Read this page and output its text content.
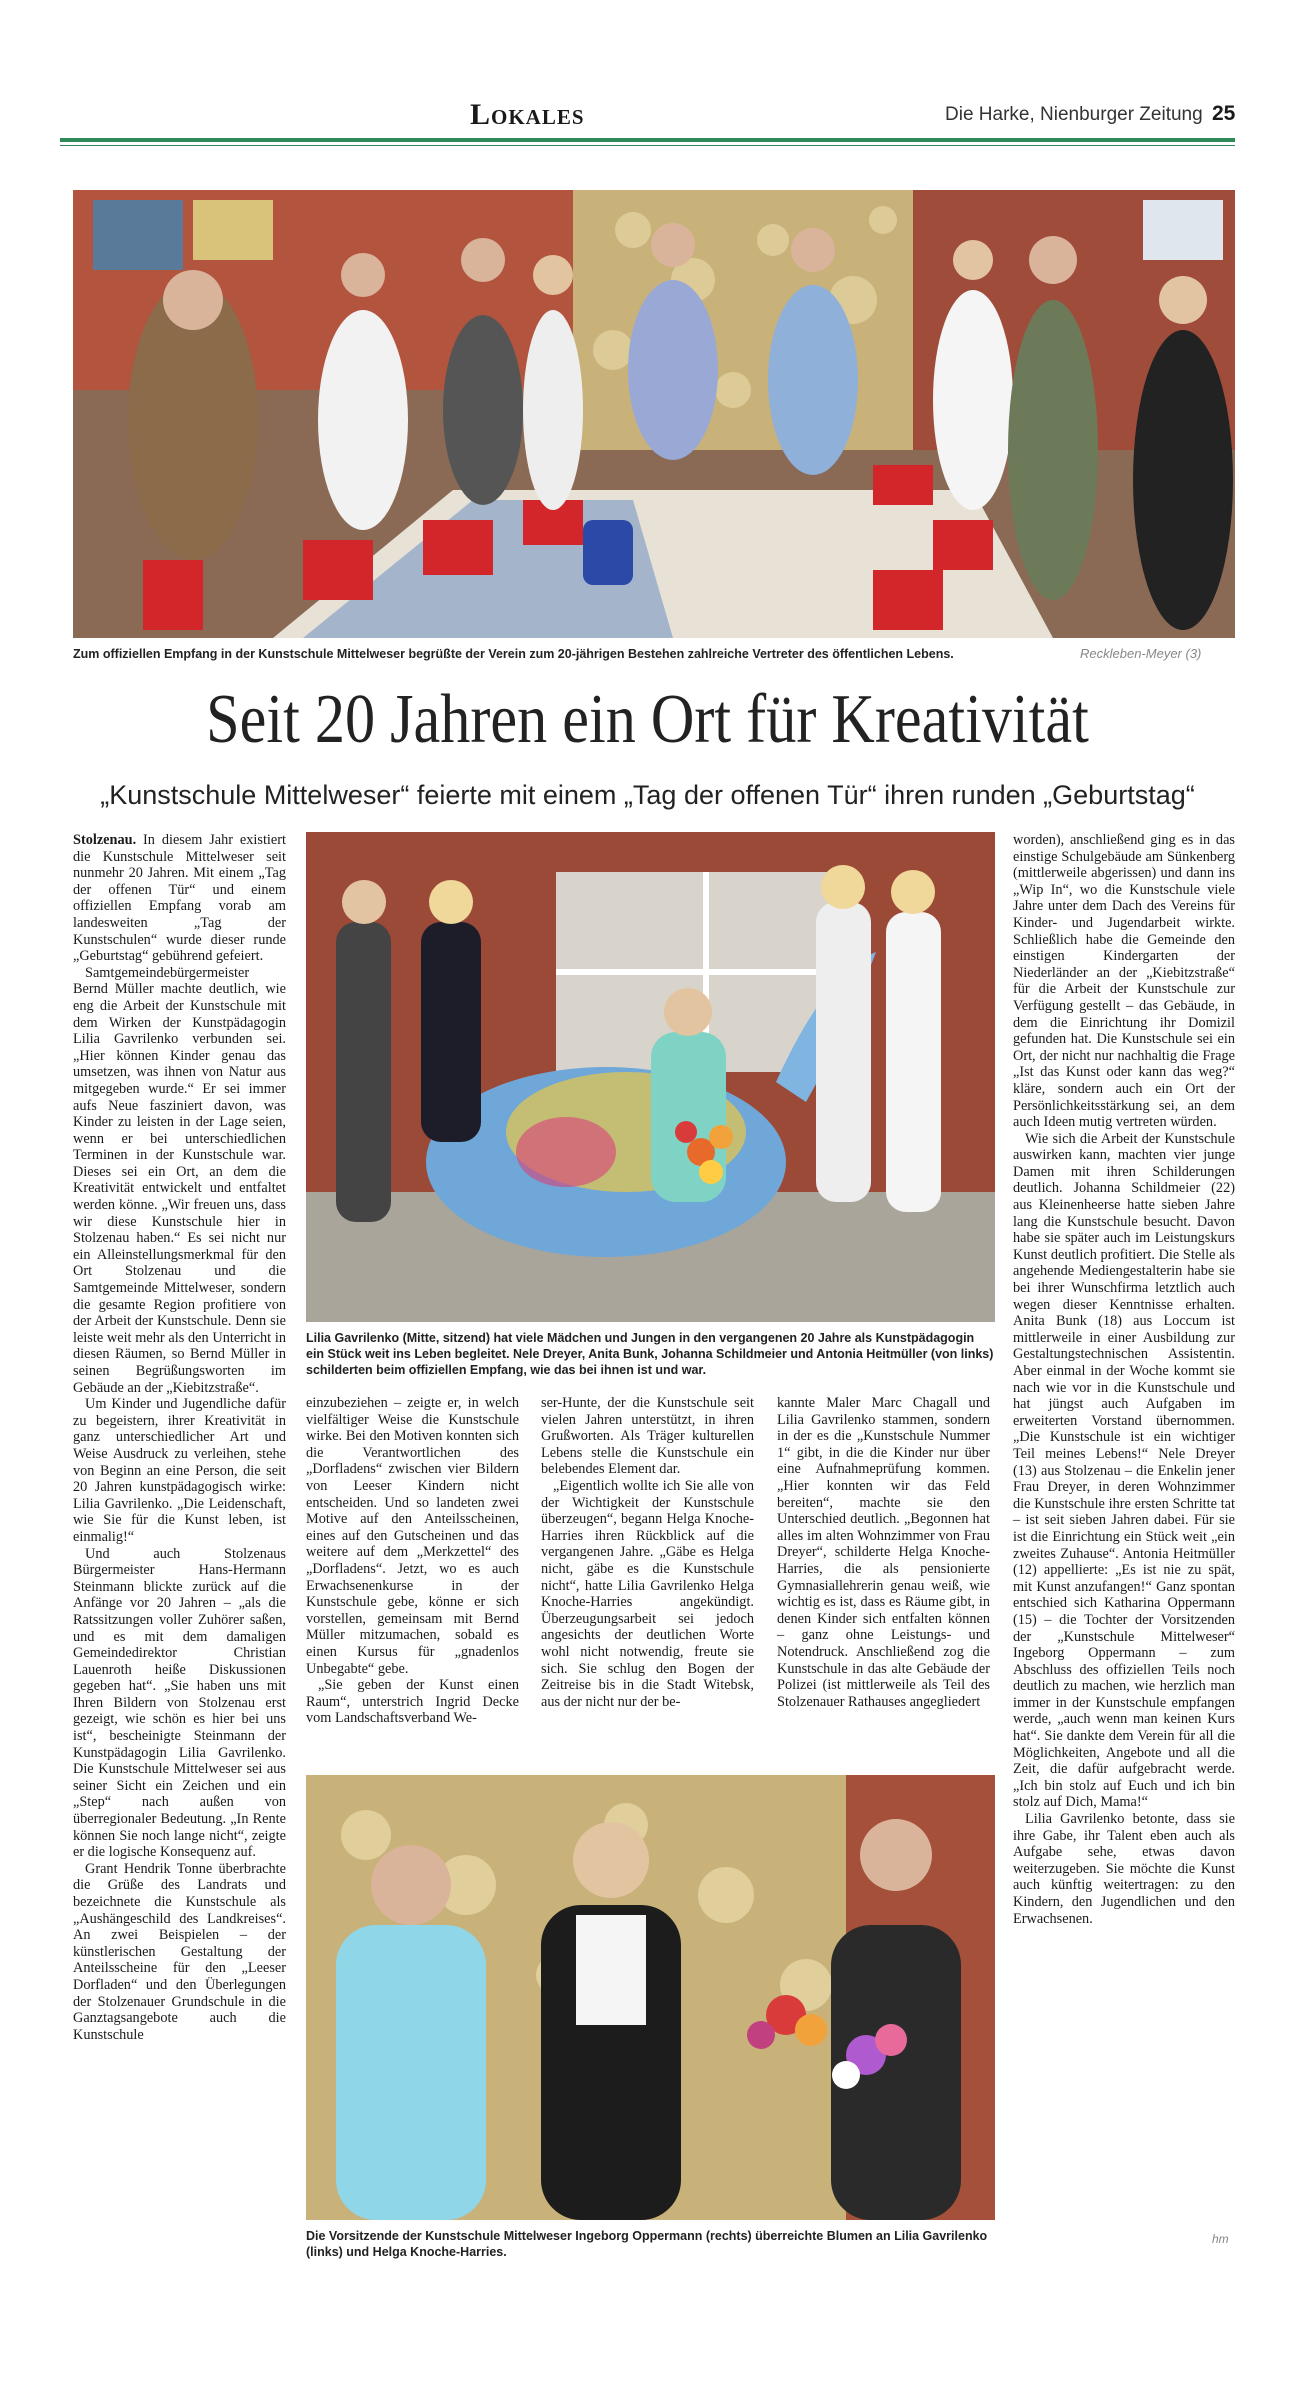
Lokales	Die Harke, Nienburger Zeitung 25
Zum offiziellen Empfang in der Kunstschule Mittelweser begrüßte der Verein zum 20-jährigen Bestehen zahlreiche Vertreter des öffentlichen Lebens.	Reckleben-Meyer (3)
Seit 20 Jahren ein Ort für Kreativität
„Kunstschule Mittelweser“ feierte mit einem „Tag der offenen Tür“ ihren runden „Geburtstag“

Stolzenau. In diesem Jahr existiert die Kunstschule Mittelweser seit nunmehr 20 Jahren. Mit einem „Tag der offenen Tür“ und einem offiziellen Empfang vorab am landesweiten „Tag der Kunstschulen“ wurde dieser runde „Geburtstag“ gebührend gefeiert.

Samtgemeindebürgermeister Bernd Müller machte deutlich, wie eng die Arbeit der Kunstschule mit dem Wirken der Kunstpädagogin Lilia Gavrilenko verbunden sei. „Hier können Kinder genau das umsetzen, was ihnen von Natur aus mitgegeben wurde.“ Er sei immer aufs Neue fasziniert davon, was Kinder zu leisten in der Lage seien, wenn er bei unterschiedlichen Terminen in der Kunstschule war. Dieses sei ein Ort, an dem die Kreativität entwickelt und entfaltet werden könne. „Wir freuen uns, dass wir diese Kunstschule hier in Stolzenau haben.“ Es sei nicht nur ein Alleinstellungsmerkmal für den Ort Stolzenau und die Samtgemeinde Mittelweser, sondern die gesamte Region profitiere von der Arbeit der Kunstschule. Denn sie leiste weit mehr als den Unterricht in diesen Räumen, so Bernd Müller in seinen Begrüßungsworten im Gebäude an der „Kiebitzstraße“.

Um Kinder und Jugendliche dafür zu begeistern, ihrer Kreativität in ganz unterschiedlicher Art und Weise Ausdruck zu verleihen, stehe von Beginn an eine Person, die seit 20 Jahren kunstpädagogisch wirke: Lilia Gavrilenko. „Die Leidenschaft, wie Sie für die Kunst leben, ist einmalig!“

Und auch Stolzenaus Bürgermeister Hans-Hermann Steinmann blickte zurück auf die Anfänge vor 20 Jahren – „als die Ratssitzungen voller Zuhörer saßen, und es mit dem damaligen Gemeindedirektor Christian Lauenroth heiße Diskussionen gegeben hat“. „Sie haben uns mit Ihren Bildern von Stolzenau erst gezeigt, wie schön es hier bei uns ist“, bescheinigte Steinmann der Kunstpädagogin Lilia Gavrilenko. Die Kunstschule Mittelweser sei aus seiner Sicht ein Zeichen und ein „Step“ nach außen von überregionaler Bedeutung. „In Rente können Sie noch lange nicht“, zeigte er die logische Konsequenz auf.

Grant Hendrik Tonne überbrachte die Grüße des Landrats und bezeichnete die Kunstschule als „Aushängeschild des Landkreises“. An zwei Beispielen – der künstlerischen Gestaltung der Anteilsscheine für den „Leeser Dorfladen“ und den Überlegungen der Stolzenauer Grundschule in die Ganztagsangebote auch die Kunstschule

Lilia Gavrilenko (Mitte, sitzend) hat viele Mädchen und Jungen in den vergangenen 20 Jahre als Kunstpädagogin ein Stück weit ins Leben begleitet. Nele Dreyer, Anita Bunk, Johanna Schildmeier und Antonia Heitmüller (von links) schilderten beim offiziellen Empfang, wie das bei ihnen ist und war.

einzubeziehen – zeigte er, in welch vielfältiger Weise die Kunstschule wirke. Bei den Motiven konnten sich die Verantwortlichen des „Dorfladens“ zwischen vier Bildern von Leeser Kindern nicht entscheiden. Und so landeten zwei Motive auf den Anteilsscheinen, eines auf den Gutscheinen und das weitere auf dem „Merkzettel“ des „Dorfladens“. Jetzt, wo es auch Erwachsenenkurse in der Kunstschule gebe, könne er sich vorstellen, gemeinsam mit Bernd Müller mitzumachen, sobald es einen Kursus für „gnadenlos Unbegabte“ gebe.

„Sie geben der Kunst einen Raum“, unterstrich Ingrid Decke vom Landschaftsverband We-

ser-Hunte, der die Kunstschule seit vielen Jahren unterstützt, in ihren Grußworten. Als Träger kulturellen Lebens stelle die Kunstschule ein belebendes Element dar.

„Eigentlich wollte ich Sie alle von der Wichtigkeit der Kunstschule überzeugen“, begann Helga Knoche-Harries ihren Rückblick auf die vergangenen Jahre. „Gäbe es Helga nicht, gäbe es die Kunstschule nicht“, hatte Lilia Gavrilenko Helga Knoche-Harries angekündigt. Überzeugungsarbeit sei jedoch angesichts der deutlichen Worte wohl nicht notwendig, freute sie sich. Sie schlug den Bogen der Zeitreise bis in die Stadt Witebsk, aus der nicht nur der be-

kannte Maler Marc Chagall und Lilia Gavrilenko stammen, sondern in der es die „Kunstschule Nummer 1“ gibt, in die die Kinder nur über eine Aufnahmeprüfung kommen. „Hier konnten wir das Feld bereiten“, machte sie den Unterschied deutlich. „Begonnen hat alles im alten Wohnzimmer von Frau Dreyer“, schilderte Helga Knoche-Harries, die als pensionierte Gymnasiallehrerin genau weiß, wie wichtig es ist, dass es Räume gibt, in denen Kinder sich entfalten können – ganz ohne Leistungs- und Notendruck. Anschließend zog die Kunstschule in das alte Gebäude der Polizei (ist mittlerweile als Teil des Stolzenauer Rathauses angegliedert

Die Vorsitzende der Kunstschule Mittelweser Ingeborg Oppermann (rechts) überreichte Blumen an Lilia Gavrilenko (links) und Helga Knoche-Harries.

worden), anschließend ging es in das einstige Schulgebäude am Sünkenberg (mittlerweile abgerissen) und dann ins „Wip In“, wo die Kunstschule viele Jahre unter dem Dach des Vereins für Kinder- und Jugendarbeit wirkte. Schließlich habe die Gemeinde den einstigen Kindergarten der Niederländer an der „Kiebitzstraße“ für die Arbeit der Kunstschule zur Verfügung gestellt – das Gebäude, in dem die Einrichtung ihr Domizil gefunden hat. Die Kunstschule sei ein Ort, der nicht nur nachhaltig die Frage „Ist das Kunst oder kann das weg?“ kläre, sondern auch ein Ort der Persönlichkeitsstärkung sei, an dem auch Ideen mutig vertreten würden.

Wie sich die Arbeit der Kunstschule auswirken kann, machten vier junge Damen mit ihren Schilderungen deutlich. Johanna Schildmeier (22) aus Kleinenheerse hatte sieben Jahre lang die Kunstschule besucht. Davon habe sie später auch im Leistungskurs Kunst deutlich profitiert. Die Stelle als angehende Mediengestalterin habe sie bei ihrer Wunschfirma letztlich auch wegen dieser Kenntnisse erhalten. Anita Bunk (18) aus Loccum ist mittlerweile in einer Ausbildung zur Gestaltungstechnischen Assistentin. Aber einmal in der Woche kommt sie nach wie vor in die Kunstschule und hat jüngst auch Aufgaben im erweiterten Vorstand übernommen. „Die Kunstschule ist ein wichtiger Teil meines Lebens!“ Nele Dreyer (13) aus Stolzenau – die Enkelin jener Frau Dreyer, in deren Wohnzimmer die Kunstschule ihre ersten Schritte tat – ist seit sieben Jahren dabei. Für sie ist die Einrichtung ein Stück weit „ein zweites Zuhause“. Antonia Heitmüller (12) appellierte: „Es ist nie zu spät, mit Kunst anzufangen!“ Ganz spontan entschied sich Katharina Oppermann (15) – die Tochter der Vorsitzenden der „Kunstschule Mittelweser“ Ingeborg Oppermann – zum Abschluss des offiziellen Teils noch deutlich zu machen, wie herzlich man immer in der Kunstschule empfangen werde, „auch wenn man keinen Kurs hat“. Sie dankte dem Verein für all die Möglichkeiten, Angebote und all die Zeit, die dafür aufgebracht werde. „Ich bin stolz auf Euch und ich bin stolz auf Dich, Mama!“

Lilia Gavrilenko betonte, dass sie ihre Gabe, ihr Talent eben auch als Aufgabe sehe, etwas davon weiterzugeben. Sie möchte die Kunst auch künftig weitertragen: zu den Kindern, den Jugendlichen und den Erwachsenen.

hm
